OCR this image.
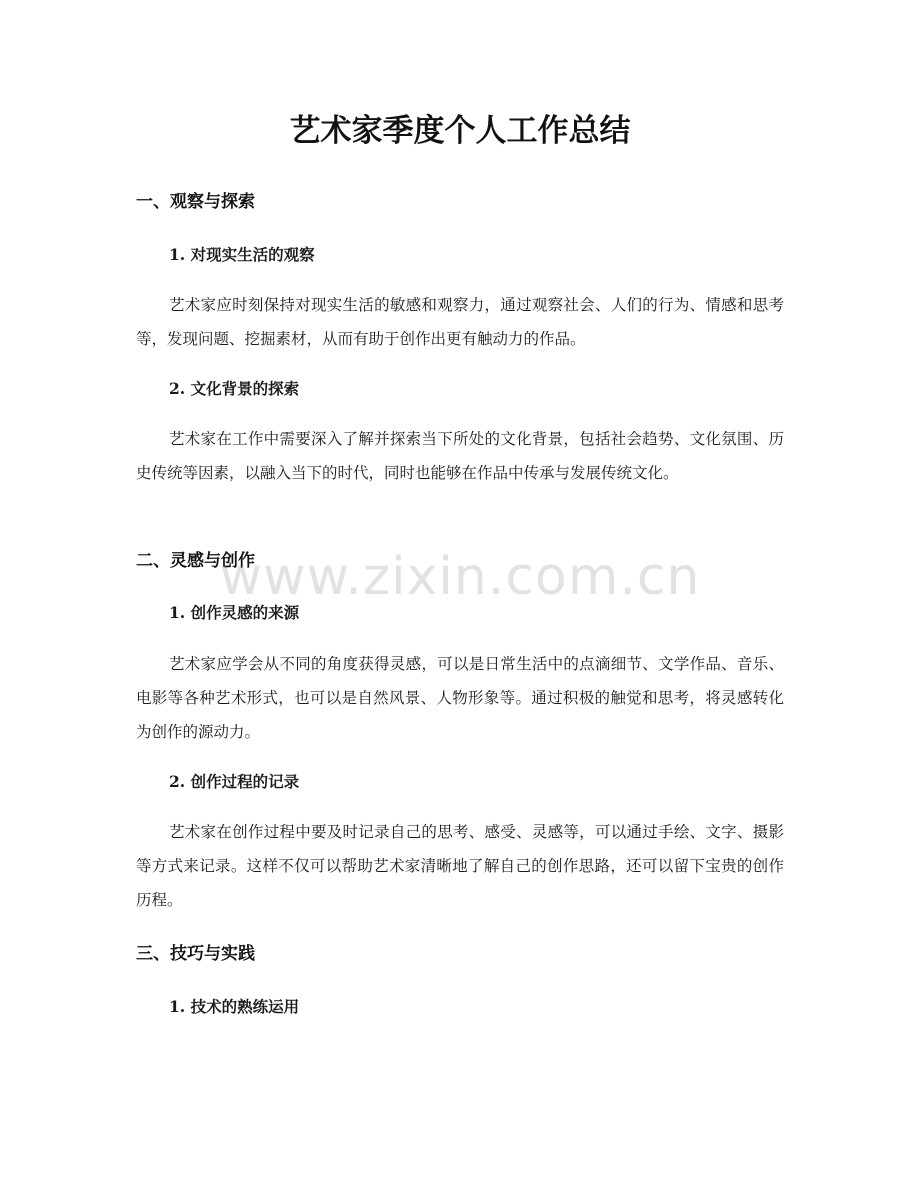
艺术家季度个人工作总结
一、观察与探索
1. 对现实生活的观察

艺术家应时刻保持对现实生活的敏感和观察力，通过观察社会、人们的行为、情感和思考等，发现问题、挖掘素材，从而有助于创作出更有触动力的作品。

2. 文化背景的探索

艺术家在工作中需要深入了解并探索当下所处的文化背景，包括社会趋势、文化氛围、历史传统等因素，以融入当下的时代，同时也能够在作品中传承与发展传统文化。

二、灵感与创作
1. 创作灵感的来源

艺术家应学会从不同的角度获得灵感，可以是日常生活中的点滴细节、文学作品、音乐、电影等各种艺术形式，也可以是自然风景、人物形象等。通过积极的触觉和思考，将灵感转化为创作的源动力。

2. 创作过程的记录

艺术家在创作过程中要及时记录自己的思考、感受、灵感等，可以通过手绘、文字、摄影等方式来记录。这样不仅可以帮助艺术家清晰地了解自己的创作思路，还可以留下宝贵的创作历程。

三、技巧与实践
1. 技术的熟练运用
www.zixin.com.cn
